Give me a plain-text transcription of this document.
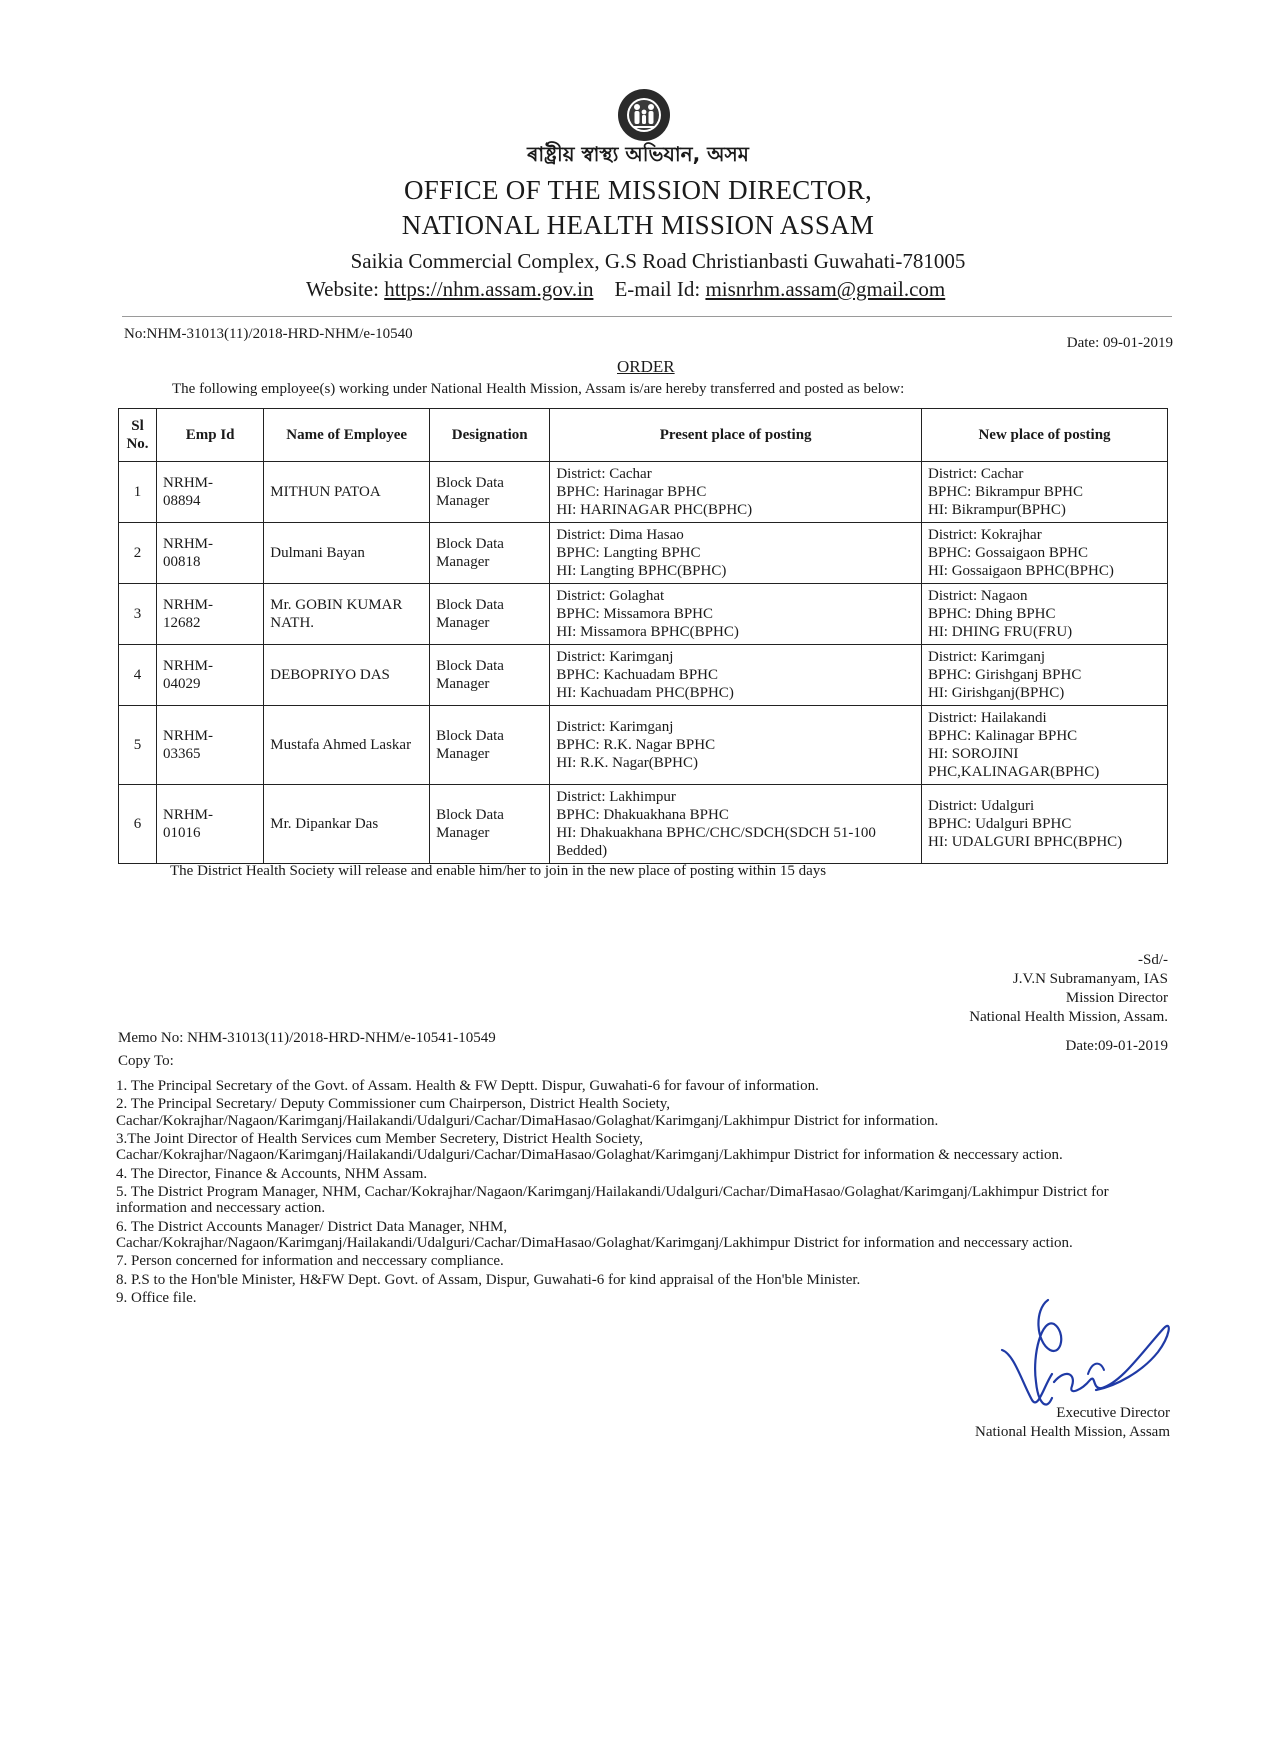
ৰাষ্ট্ৰীয় স্বাস্থ্য অভিযান, অসম
OFFICE OF THE MISSION DIRECTOR,
NATIONAL HEALTH MISSION ASSAM
Saikia Commercial Complex, G.S Road Christianbasti Guwahati-781005
Website: https://nhm.assam.gov.in E-mail Id: misnrhm.assam@gmail.com
No:NHM-31013(11)/2018-HRD-NHM/e-10540
Date: 09-01-2019
ORDER
The following employee(s) working under National Health Mission, Assam is/are hereby transferred and posted as below:
Sl
No.	Emp Id	Name of Employee	Designation	Present place of posting	New place of posting
1	NRHM-
08894	MITHUN PATOA	Block Data Manager	District: Cachar
BPHC: Harinagar BPHC
HI: HARINAGAR PHC(BPHC)	District: Cachar
BPHC: Bikrampur BPHC
HI: Bikrampur(BPHC)
2	NRHM-
00818	Dulmani Bayan	Block Data Manager	District: Dima Hasao
BPHC: Langting BPHC
HI: Langting BPHC(BPHC)	District: Kokrajhar
BPHC: Gossaigaon BPHC
HI: Gossaigaon BPHC(BPHC)
3	NRHM-
12682	Mr. GOBIN KUMAR NATH.	Block Data Manager	District: Golaghat
BPHC: Missamora BPHC
HI: Missamora BPHC(BPHC)	District: Nagaon
BPHC: Dhing BPHC
HI: DHING FRU(FRU)
4	NRHM-
04029	DEBOPRIYO DAS	Block Data Manager	District: Karimganj
BPHC: Kachuadam BPHC
HI: Kachuadam PHC(BPHC)	District: Karimganj
BPHC: Girishganj BPHC
HI: Girishganj(BPHC)
5	NRHM-
03365	Mustafa Ahmed Laskar	Block Data Manager	District: Karimganj
BPHC: R.K. Nagar BPHC
HI: R.K. Nagar(BPHC)	District: Hailakandi
BPHC: Kalinagar BPHC
HI: SOROJINI PHC,KALINAGAR(BPHC)
6	NRHM-
01016	Mr. Dipankar Das	Block Data Manager	District: Lakhimpur
BPHC: Dhakuakhana BPHC
HI: Dhakuakhana BPHC/CHC/SDCH(SDCH 51-100 Bedded)	District: Udalguri
BPHC: Udalguri BPHC
HI: UDALGURI BPHC(BPHC)
The District Health Society will release and enable him/her to join in the new place of posting within 15 days
-Sd/-
J.V.N Subramanyam, IAS
Mission Director
National Health Mission, Assam.
Memo No: NHM-31013(11)/2018-HRD-NHM/e-10541-10549	Date:09-01-2019
Copy To:

1. The Principal Secretary of the Govt. of Assam. Health & FW Deptt. Dispur, Guwahati-6 for favour of information.

2. The Principal Secretary/ Deputy Commissioner cum Chairperson, District Health Society, Cachar/Kokrajhar/Nagaon/Karimganj/Hailakandi/Udalguri/Cachar/DimaHasao/Golaghat/Karimganj/Lakhimpur District for information.

3.The Joint Director of Health Services cum Member Secretery, District Health Society, Cachar/Kokrajhar/Nagaon/Karimganj/Hailakandi/Udalguri/Cachar/DimaHasao/Golaghat/Karimganj/Lakhimpur District for information & neccessary action.

4. The Director, Finance & Accounts, NHM Assam.

5. The District Program Manager, NHM, Cachar/Kokrajhar/Nagaon/Karimganj/Hailakandi/Udalguri/Cachar/DimaHasao/Golaghat/Karimganj/Lakhimpur District for information and neccessary action.

6. The District Accounts Manager/ District Data Manager, NHM, Cachar/Kokrajhar/Nagaon/Karimganj/Hailakandi/Udalguri/Cachar/DimaHasao/Golaghat/Karimganj/Lakhimpur District for information and neccessary action.

7. Person concerned for information and neccessary compliance.

8. P.S to the Hon'ble Minister, H&FW Dept. Govt. of Assam, Dispur, Guwahati-6 for kind appraisal of the Hon'ble Minister.

9. Office file.

Executive Director
National Health Mission, Assam
